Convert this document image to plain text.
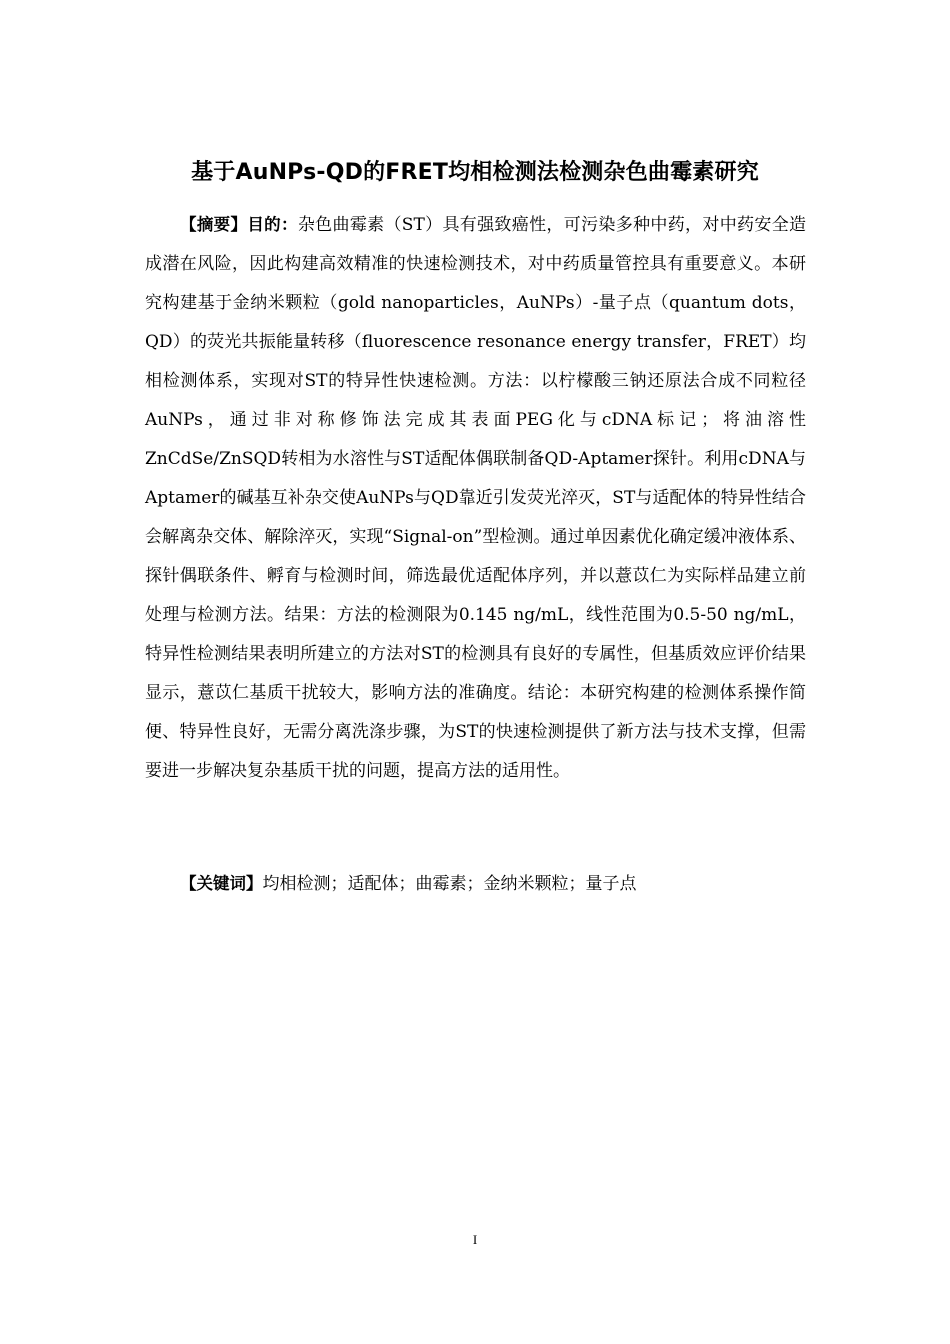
基于AuNPs-QD的FRET均相检测法检测杂色曲霉素研究

【摘要】目的：杂色曲霉素（ST）具有强致癌性，可污染多种中药，对中药安全造成潜在风险，因此构建高效精准的快速检测技术，对中药质量管控具有重要意义。本研究构建基于金纳米颗粒（gold nanoparticles，AuNPs）-量子点（quantum dots，QD）的荧光共振能量转移（fluorescence resonance energy transfer，FRET）均相检测体系，实现对ST的特异性快速检测。方法：以柠檬酸三钠还原法合成不同粒径AuNPs，通过非对称修饰法完成其表面PEG化与cDNA标记；将油溶性ZnCdSe/ZnSQD转相为水溶性与ST适配体偶联制备QD-Aptamer探针。利用cDNA与Aptamer的碱基互补杂交使AuNPs与QD靠近引发荧光淬灭，ST与适配体的特异性结合会解离杂交体、解除淬灭，实现“Signal-on”型检测。通过单因素优化确定缓冲液体系、探针偶联条件、孵育与检测时间，筛选最优适配体序列，并以薏苡仁为实际样品建立前处理与检测方法。结果：方法的检测限为0.145 ng/mL，线性范围为0.5-50 ng/mL，特异性检测结果表明所建立的方法对ST的检测具有良好的专属性，但基质效应评价结果显示，薏苡仁基质干扰较大，影响方法的准确度。结论：本研究构建的检测体系操作简便、特异性良好，无需分离洗涤步骤，为ST的快速检测提供了新方法与技术支撑，但需要进一步解决复杂基质干扰的问题，提高方法的适用性。

【关键词】均相检测；适配体；曲霉素；金纳米颗粒；量子点

I
